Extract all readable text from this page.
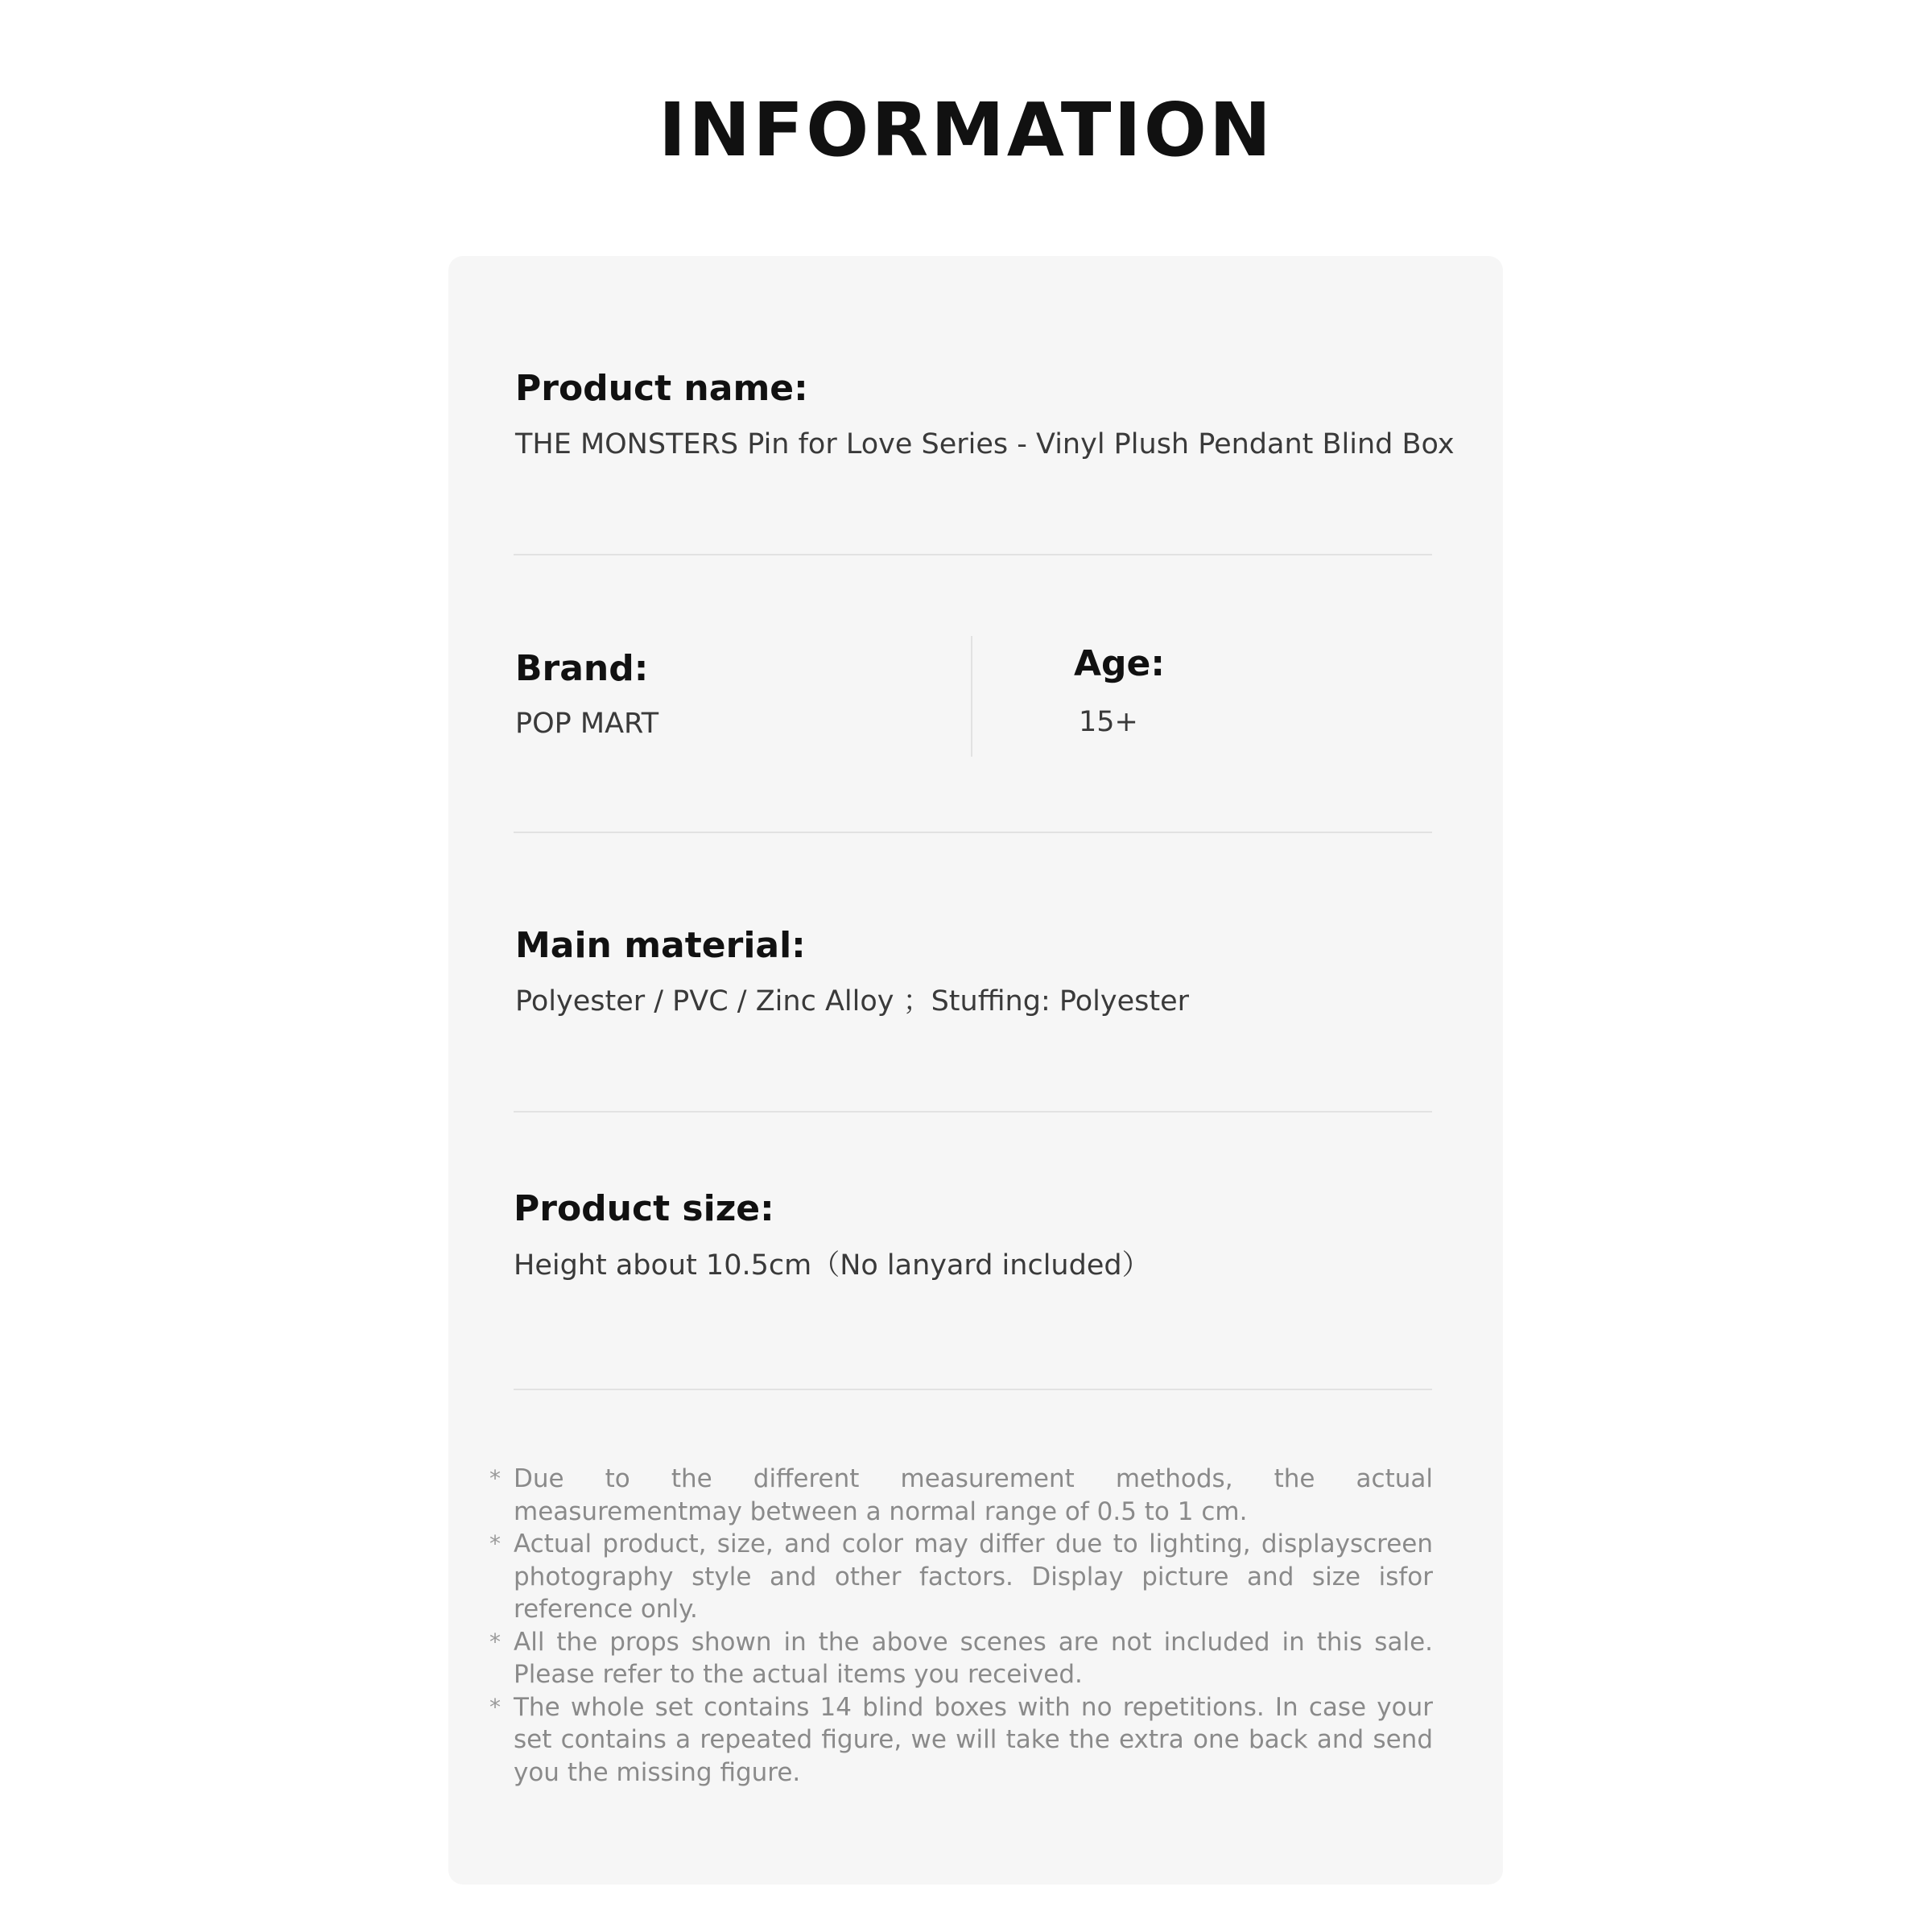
INFORMATION
Product name:
THE MONSTERS Pin for Love Series - Vinyl Plush Pendant Blind Box
Brand:
POP MART
Age:
15+
Main material:
Polyester / PVC / Zinc Alloy ；Stuffing: Polyester
Product size:
Height about 10.5cm（No lanyard included）
* Due to the different measurement methods, the actual measurementmay between a normal range of 0.5 to 1 cm.
* Actual product, size, and color may differ due to lighting, displayscreen photography style and other factors. Display picture and size isfor reference only.
* All the props shown in the above scenes are not included in this sale. Please refer to the actual items you received.
* The whole set contains 14 blind boxes with no repetitions. In case your set contains a repeated figure, we will take the extra one back and send you the missing figure.
